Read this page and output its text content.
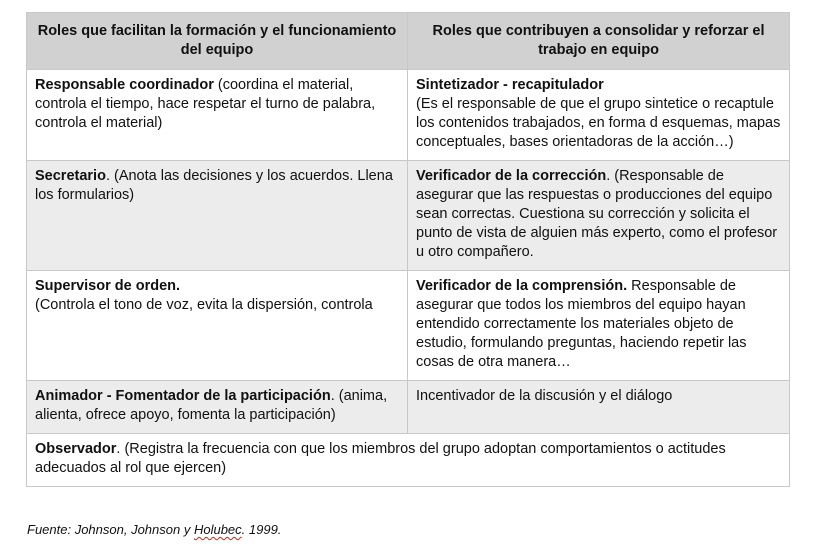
Roles que facilitan la formación y el funcionamiento del equipo
Roles que contribuyen a consolidar y reforzar el trabajo en equipo
Responsable coordinador (coordina el material, controla el tiempo, hace respetar el turno de palabra, controla el material)
Sintetizador - recapitulador
(Es el responsable de que el grupo sintetice o recaptule los contenidos trabajados, en forma d esquemas, mapas conceptuales, bases orientadoras de la acción…)
Secretario. (Anota las decisiones y los acuerdos. Llena los formularios)
Verificador de la corrección. (Responsable de asegurar que las respuestas o producciones del equipo sean correctas. Cuestiona su corrección y solicita el punto de vista de alguien más experto, como el profesor u otro compañero.
Supervisor de orden.
(Controla el tono de voz, evita la dispersión, controla
Verificador de la comprensión. Responsable de asegurar que todos los miembros del equipo hayan entendido correctamente los materiales objeto de estudio, formulando preguntas, haciendo repetir las cosas de otra manera…
Animador - Fomentador de la participación. (anima, alienta, ofrece apoyo, fomenta la participación)
Incentivador de la discusión y el diálogo
Observador. (Registra la frecuencia con que los miembros del grupo adoptan comportamientos o actitudes adecuados al rol que ejercen)
Fuente: Johnson, Johnson y Holubec. 1999.
